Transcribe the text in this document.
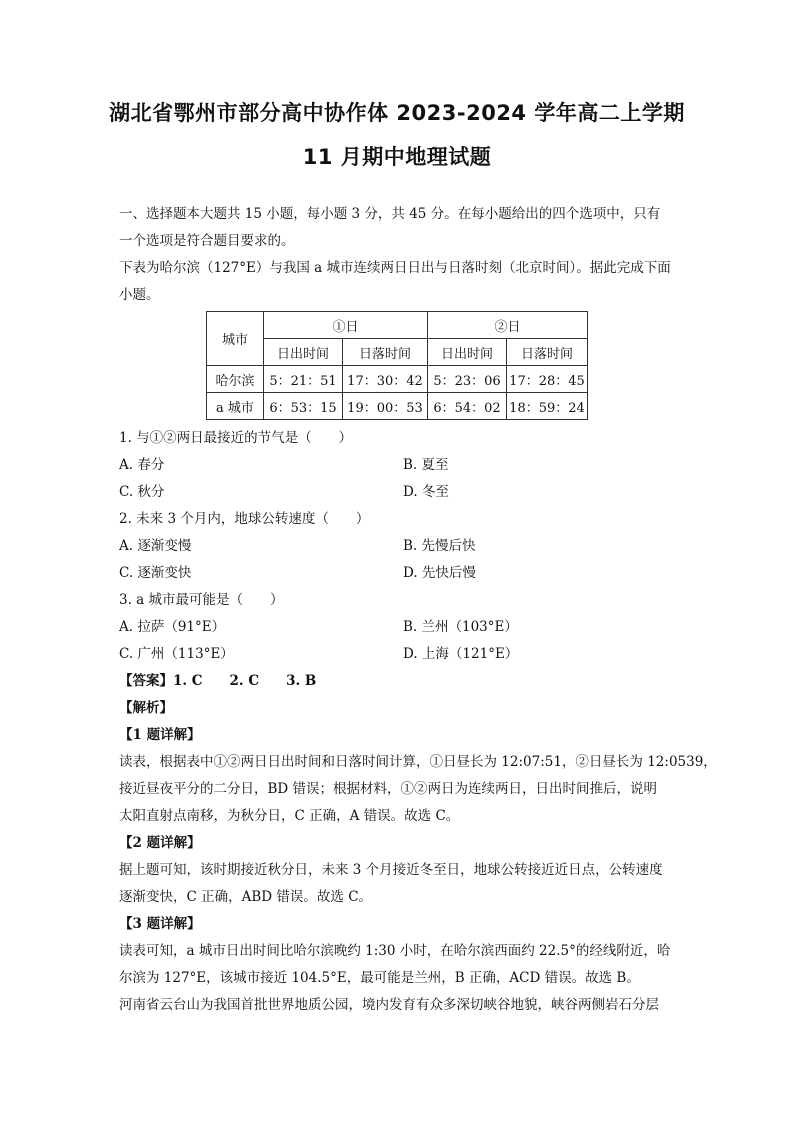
湖北省鄂州市部分高中协作体 2023-2024 学年高二上学期
11 月期中地理试题
一、选择题本大题共 15 小题，每小题 3 分，共 45 分。在每小题给出的四个选项中，只有
一个选项是符合题目要求的。
下表为哈尔滨（127°E）与我国 a 城市连续两日日出与日落时刻（北京时间）。据此完成下面
小题。
城市	①日		②日	
	日出时间	日落时间	日出时间	日落时间
哈尔滨	5：21：51	17：30：42	5：23：06	17：28：45
a 城市	6：53：15	19：00：53	6：54：02	18：59：24
1. 与①②两日最接近的节气是（　　）
A. 春分	B. 夏至
C. 秋分	D. 冬至
2. 未来 3 个月内，地球公转速度（　　）
A. 逐渐变慢	B. 先慢后快
C. 逐渐变快	D. 先快后慢
3. a 城市最可能是（　　）
A. 拉萨（91°E）	B. 兰州（103°E）
C. 广州（113°E）	D. 上海（121°E）
【答案】1. C　　2. C　　3. B
【解析】
【1 题详解】
读表，根据表中①②两日日出时间和日落时间计算，①日昼长为 12:07:51，②日昼长为 12:0539，
接近昼夜平分的二分日，BD 错误；根据材料，①②两日为连续两日，日出时间推后，说明
太阳直射点南移，为秋分日，C 正确，A 错误。故选 C。
【2 题详解】
据上题可知，该时期接近秋分日，未来 3 个月接近冬至日，地球公转接近近日点，公转速度
逐渐变快，C 正确，ABD 错误。故选 C。
【3 题详解】
读表可知，a 城市日出时间比哈尔滨晚约 1:30 小时，在哈尔滨西面约 22.5°的经线附近，哈
尔滨为 127°E，该城市接近 104.5°E，最可能是兰州，B 正确，ACD 错误。故选 B。
河南省云台山为我国首批世界地质公园，境内发育有众多深切峡谷地貌，峡谷两侧岩石分层
